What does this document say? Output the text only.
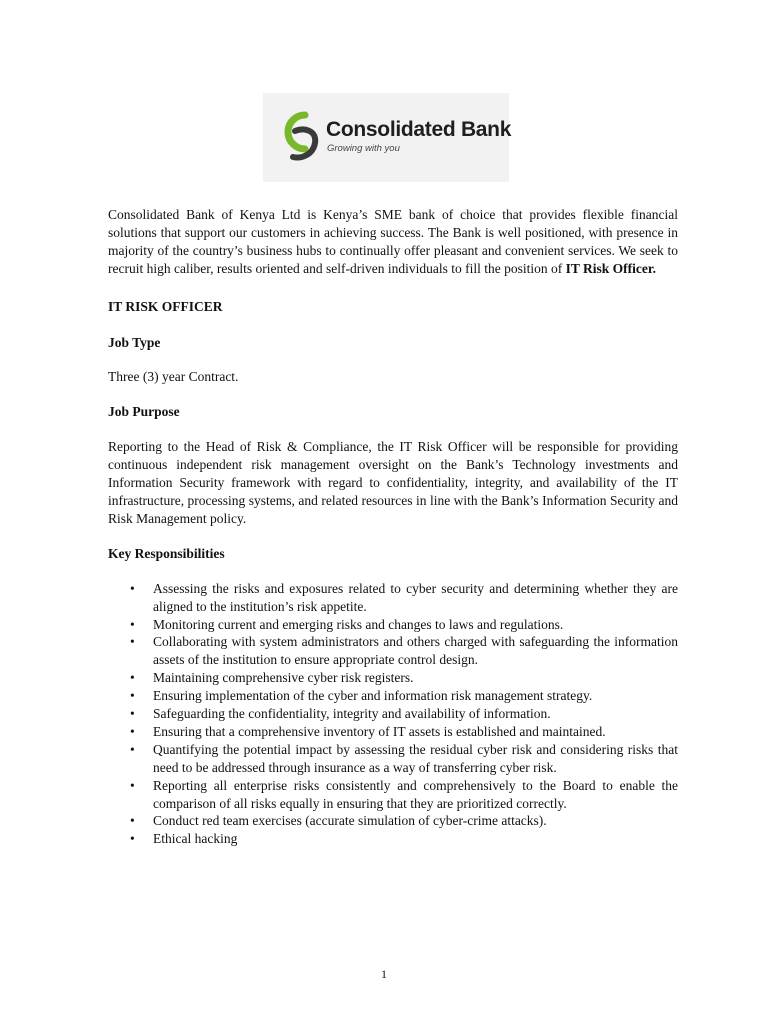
Consolidated Bank
Growing with you

Consolidated Bank of Kenya Ltd is Kenya’s SME bank of choice that provides flexible financial solutions that support our customers in achieving success. The Bank is well positioned, with presence in majority of the country’s business hubs to continually offer pleasant and convenient services. We seek to recruit high caliber, results oriented and self-driven individuals to fill the position of IT Risk Officer.

IT RISK OFFICER

Job Type

Three (3) year Contract.

Job Purpose

Reporting to the Head of Risk & Compliance, the IT Risk Officer will be responsible for providing continuous independent risk management oversight on the Bank’s Technology investments and Information Security framework with regard to confidentiality, integrity, and availability of the IT infrastructure, processing systems, and related resources in line with the Bank’s Information Security and Risk Management policy.

Key Responsibilities

• Assessing the risks and exposures related to cyber security and determining whether they are aligned to the institution’s risk appetite.
• Monitoring current and emerging risks and changes to laws and regulations.
• Collaborating with system administrators and others charged with safeguarding the information assets of the institution to ensure appropriate control design.
• Maintaining comprehensive cyber risk registers.
• Ensuring implementation of the cyber and information risk management strategy.
• Safeguarding the confidentiality, integrity and availability of information.
• Ensuring that a comprehensive inventory of IT assets is established and maintained.
• Quantifying the potential impact by assessing the residual cyber risk and considering risks that need to be addressed through insurance as a way of transferring cyber risk.
• Reporting all enterprise risks consistently and comprehensively to the Board to enable the comparison of all risks equally in ensuring that they are prioritized correctly.
• Conduct red team exercises (accurate simulation of cyber-crime attacks).
• Ethical hacking
1
